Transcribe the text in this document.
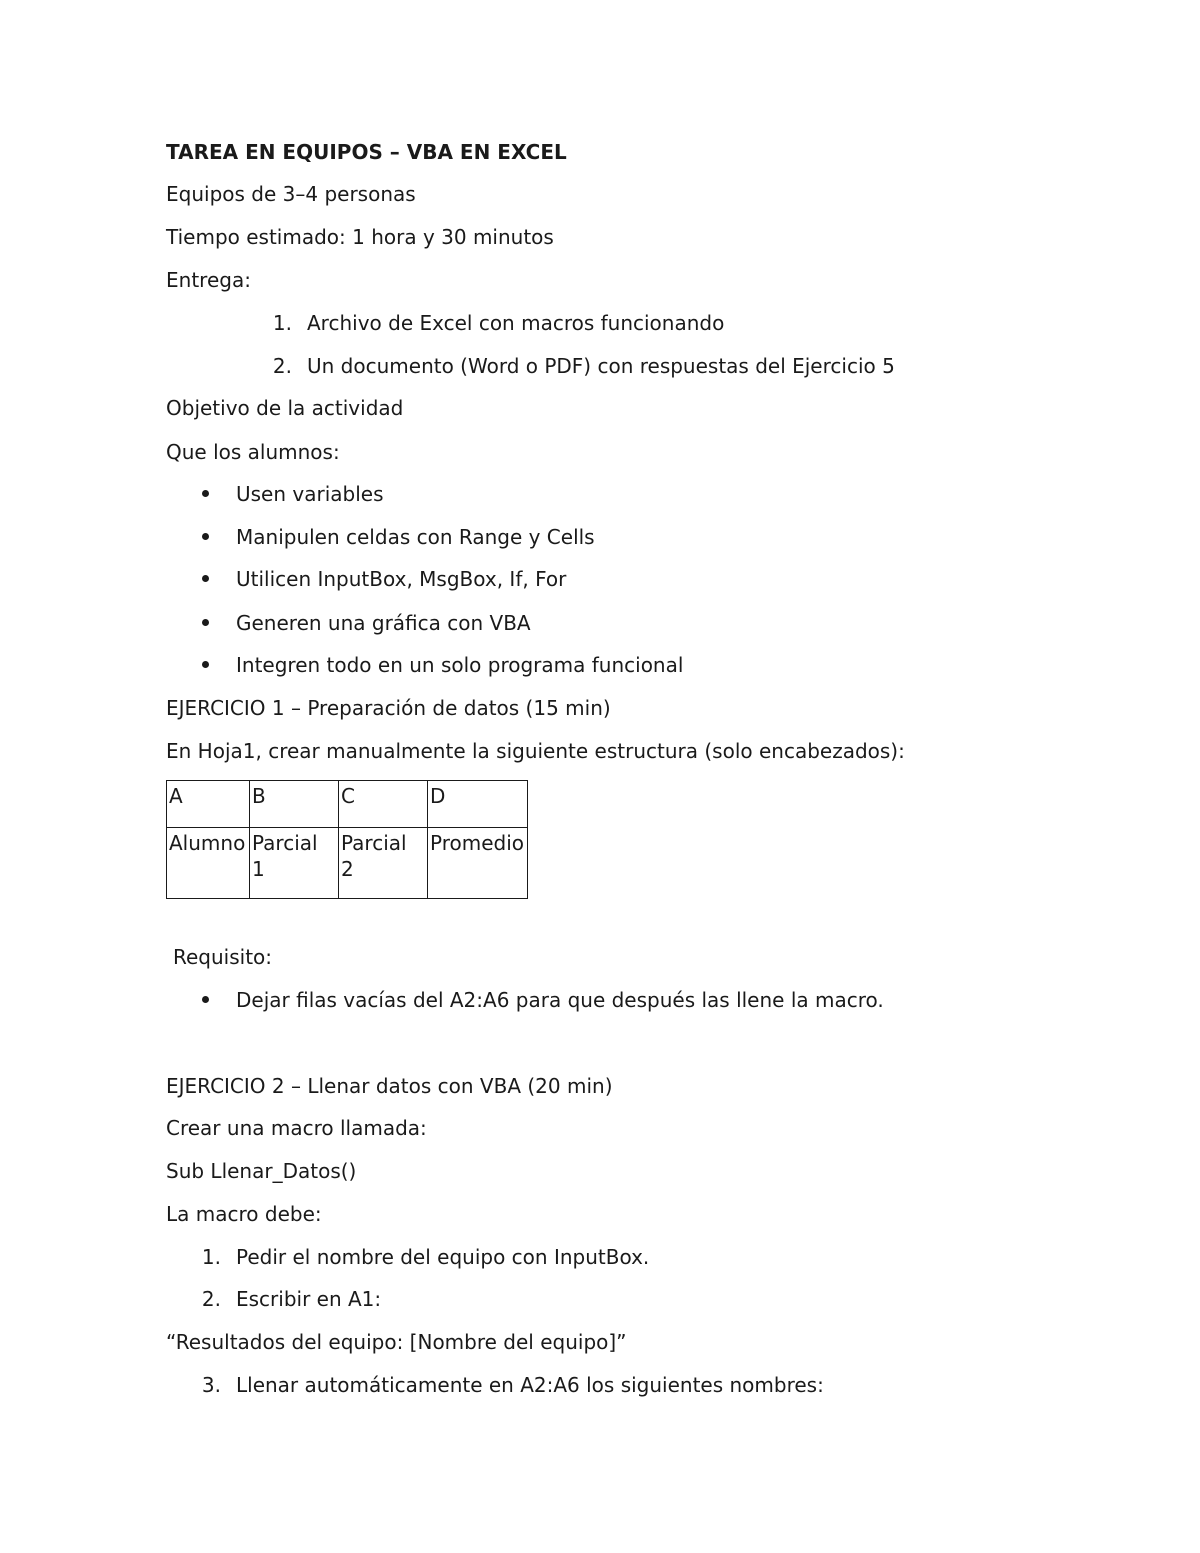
TAREA EN EQUIPOS – VBA EN EXCEL
Equipos de 3–4 personas
Tiempo estimado: 1 hora y 30 minutos
Entrega:
1. Archivo de Excel con macros funcionando
2. Un documento (Word o PDF) con respuestas del Ejercicio 5
Objetivo de la actividad
Que los alumnos:
Usen variables
Manipulen celdas con Range y Cells
Utilicen InputBox, MsgBox, If, For
Generen una gráfica con VBA
Integren todo en un solo programa funcional
EJERCICIO 1 – Preparación de datos (15 min)
En Hoja1, crear manualmente la siguiente estructura (solo encabezados):
A	B	C	D
Alumno	Parcial 1	Parcial 2	Promedio
Requisito:
Dejar filas vacías del A2:A6 para que después las llene la macro.
EJERCICIO 2 – Llenar datos con VBA (20 min)
Crear una macro llamada:
Sub Llenar_Datos()
La macro debe:
1. Pedir el nombre del equipo con InputBox.
2. Escribir en A1:
“Resultados del equipo: [Nombre del equipo]”
3. Llenar automáticamente en A2:A6 los siguientes nombres:
